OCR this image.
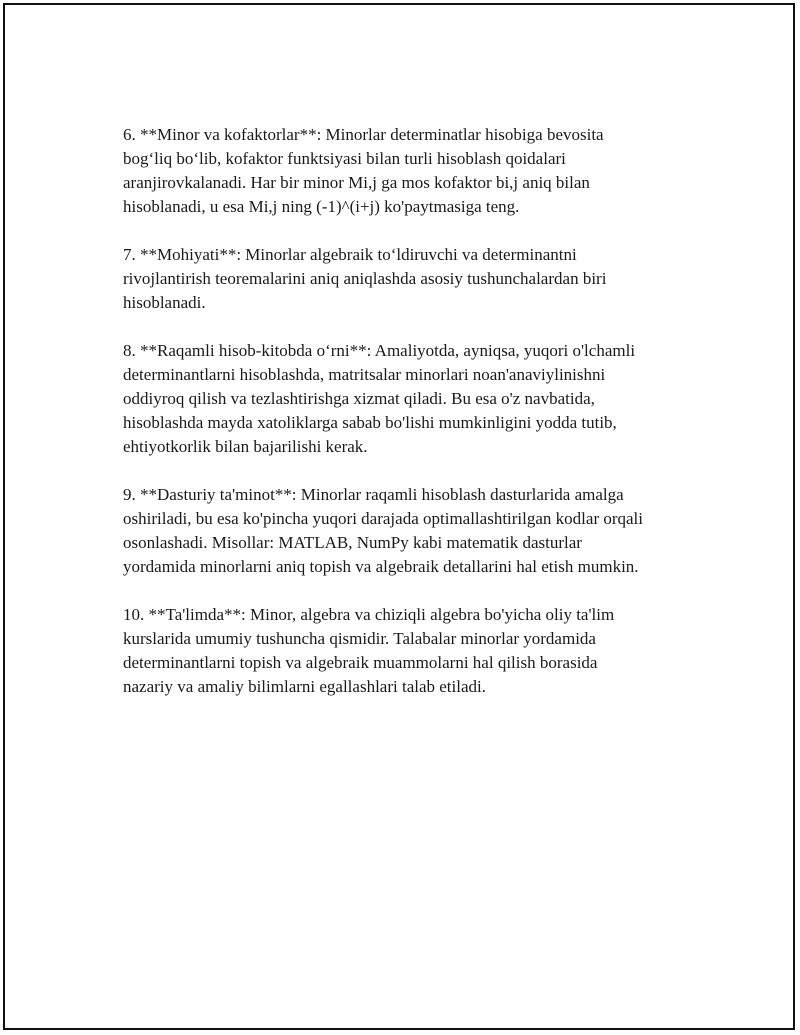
6. **Minor va kofaktorlar**: Minorlar determinatlar hisobiga bevosita
bog‘liq bo‘lib, kofaktor funktsiyasi bilan turli hisoblash qoidalari
aranjirovkalanadi. Har bir minor Mi,j ga mos kofaktor bi,j aniq bilan
hisoblanadi, u esa Mi,j ning (-1)^(i+j) ko'paytmasiga teng.

7. **Mohiyati**: Minorlar algebraik to‘ldiruvchi va determinantni
rivojlantirish teoremalarini aniq aniqlashda asosiy tushunchalardan biri
hisoblanadi.

8. **Raqamli hisob-kitobda o‘rni**: Amaliyotda, ayniqsa, yuqori o'lchamli
determinantlarni hisoblashda, matritsalar minorlari noan'anaviylinishni
oddiyroq qilish va tezlashtirishga xizmat qiladi. Bu esa o'z navbatida,
hisoblashda mayda xatoliklarga sabab bo'lishi mumkinligini yodda tutib,
ehtiyotkorlik bilan bajarilishi kerak.

9. **Dasturiy ta'minot**: Minorlar raqamli hisoblash dasturlarida amalga
oshiriladi, bu esa ko'pincha yuqori darajada optimallashtirilgan kodlar orqali
osonlashadi. Misollar: MATLAB, NumPy kabi matematik dasturlar
yordamida minorlarni aniq topish va algebraik detallarini hal etish mumkin.

10. **Ta'limda**: Minor, algebra va chiziqli algebra bo'yicha oliy ta'lim
kurslarida umumiy tushuncha qismidir. Talabalar minorlar yordamida
determinantlarni topish va algebraik muammolarni hal qilish borasida
nazariy va amaliy bilimlarni egallashlari talab etiladi.
